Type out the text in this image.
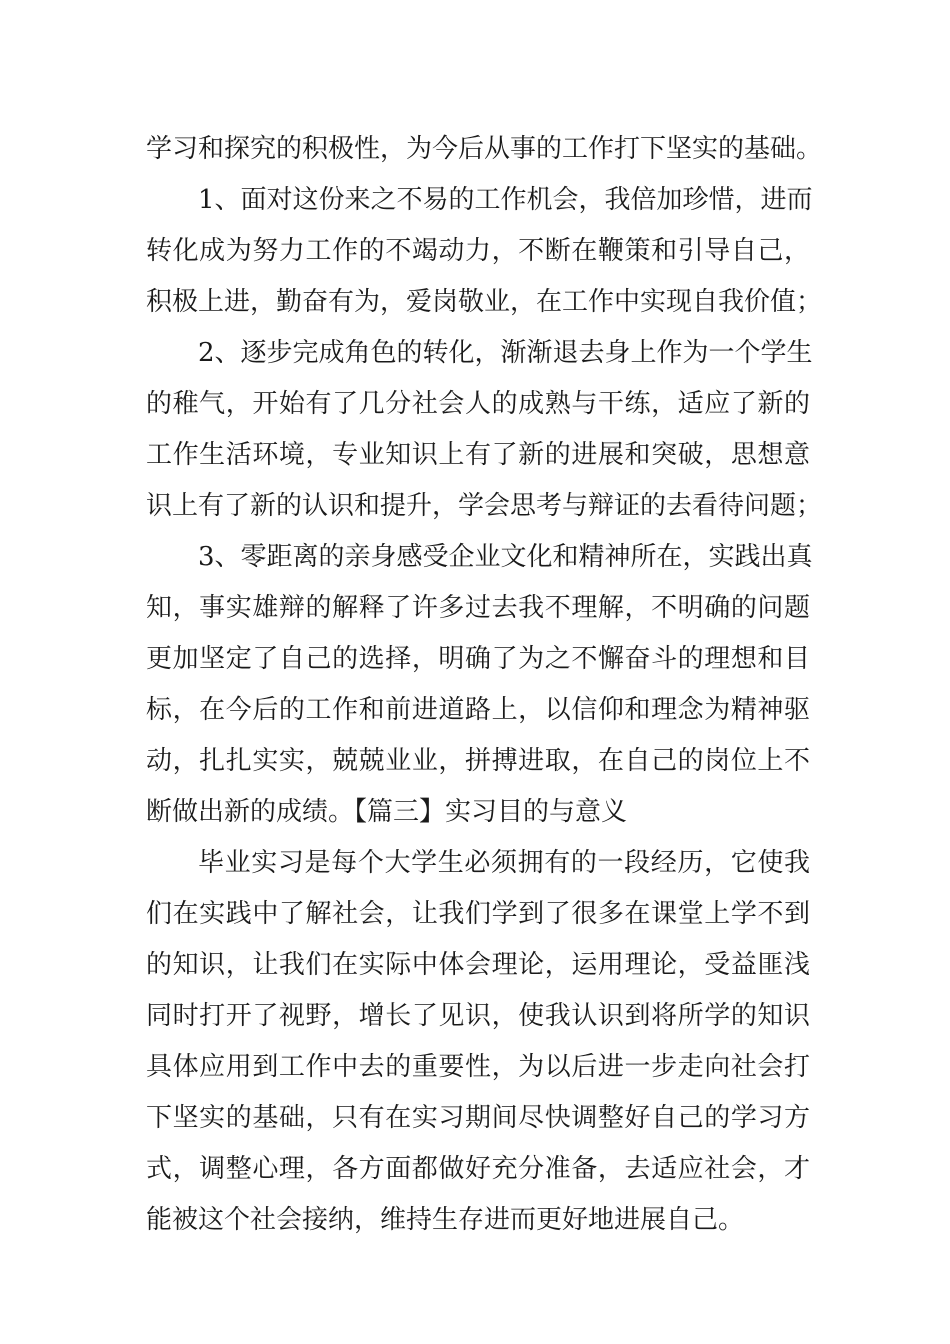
学习和探究的积极性，为今后从事的工作打下坚实的基础。
1、面对这份来之不易的工作机会，我倍加珍惜，进而
转化成为努力工作的不竭动力，不断在鞭策和引导自己，
积极上进，勤奋有为，爱岗敬业，在工作中实现自我价值；
2、逐步完成角色的转化，渐渐退去身上作为一个学生
的稚气，开始有了几分社会人的成熟与干练，适应了新的
工作生活环境，专业知识上有了新的进展和突破，思想意
识上有了新的认识和提升，学会思考与辩证的去看待问题；
3、零距离的亲身感受企业文化和精神所在，实践出真
知，事实雄辩的解释了许多过去我不理解，不明确的问题
更加坚定了自己的选择，明确了为之不懈奋斗的理想和目
标，在今后的工作和前进道路上，以信仰和理念为精神驱
动，扎扎实实，兢兢业业，拼搏进取，在自己的岗位上不
断做出新的成绩。【篇三】实习目的与意义
毕业实习是每个大学生必须拥有的一段经历，它使我
们在实践中了解社会，让我们学到了很多在课堂上学不到
的知识，让我们在实际中体会理论，运用理论，受益匪浅
同时打开了视野，增长了见识，使我认识到将所学的知识
具体应用到工作中去的重要性，为以后进一步走向社会打
下坚实的基础，只有在实习期间尽快调整好自己的学习方
式，调整心理，各方面都做好充分准备，去适应社会，才
能被这个社会接纳，维持生存进而更好地进展自己。
